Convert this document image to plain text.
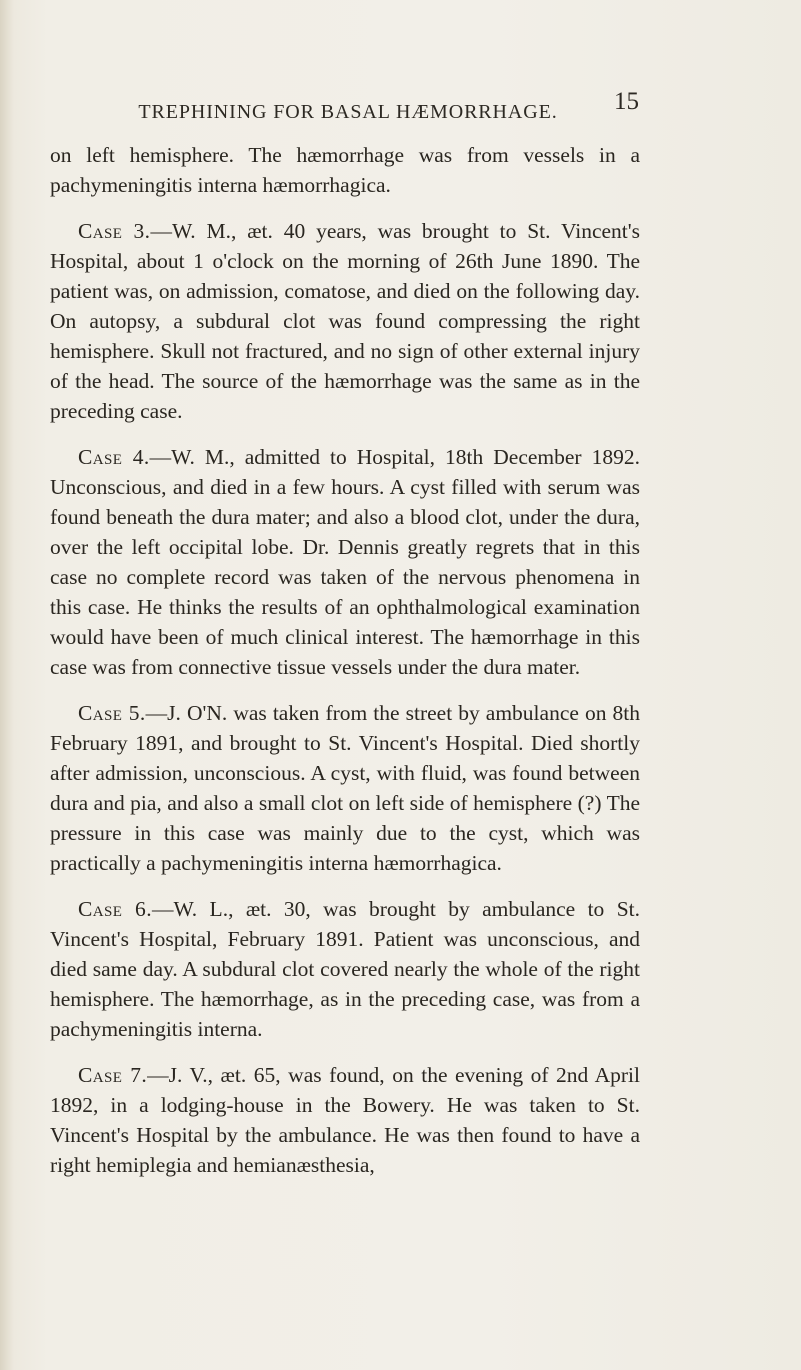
TREPHINING FOR BASAL HÆMORRHAGE. 15

on left hemisphere. The hæmorrhage was from vessels in a pachymeningitis interna hæmorrhagica.

Case 3.—W. M., æt. 40 years, was brought to St. Vincent's Hospital, about 1 o'clock on the morning of 26th June 1890. The patient was, on admission, comatose, and died on the following day. On autopsy, a subdural clot was found compressing the right hemisphere. Skull not fractured, and no sign of other external injury of the head. The source of the hæmorrhage was the same as in the preceding case.

Case 4.—W. M., admitted to Hospital, 18th December 1892. Unconscious, and died in a few hours. A cyst filled with serum was found beneath the dura mater; and also a blood clot, under the dura, over the left occipital lobe. Dr. Dennis greatly regrets that in this case no complete record was taken of the nervous phenomena in this case. He thinks the results of an ophthalmological examination would have been of much clinical interest. The hæmorrhage in this case was from connective tissue vessels under the dura mater.

Case 5.—J. O'N. was taken from the street by ambulance on 8th February 1891, and brought to St. Vincent's Hospital. Died shortly after admission, unconscious. A cyst, with fluid, was found between dura and pia, and also a small clot on left side of hemisphere (?) The pressure in this case was mainly due to the cyst, which was practically a pachymeningitis interna hæmorrhagica.

Case 6.—W. L., æt. 30, was brought by ambulance to St. Vincent's Hospital, February 1891. Patient was unconscious, and died same day. A subdural clot covered nearly the whole of the right hemisphere. The hæmorrhage, as in the preceding case, was from a pachymeningitis interna.

Case 7.—J. V., æt. 65, was found, on the evening of 2nd April 1892, in a lodging-house in the Bowery. He was taken to St. Vincent's Hospital by the ambulance. He was then found to have a right hemiplegia and hemianæsthesia,
